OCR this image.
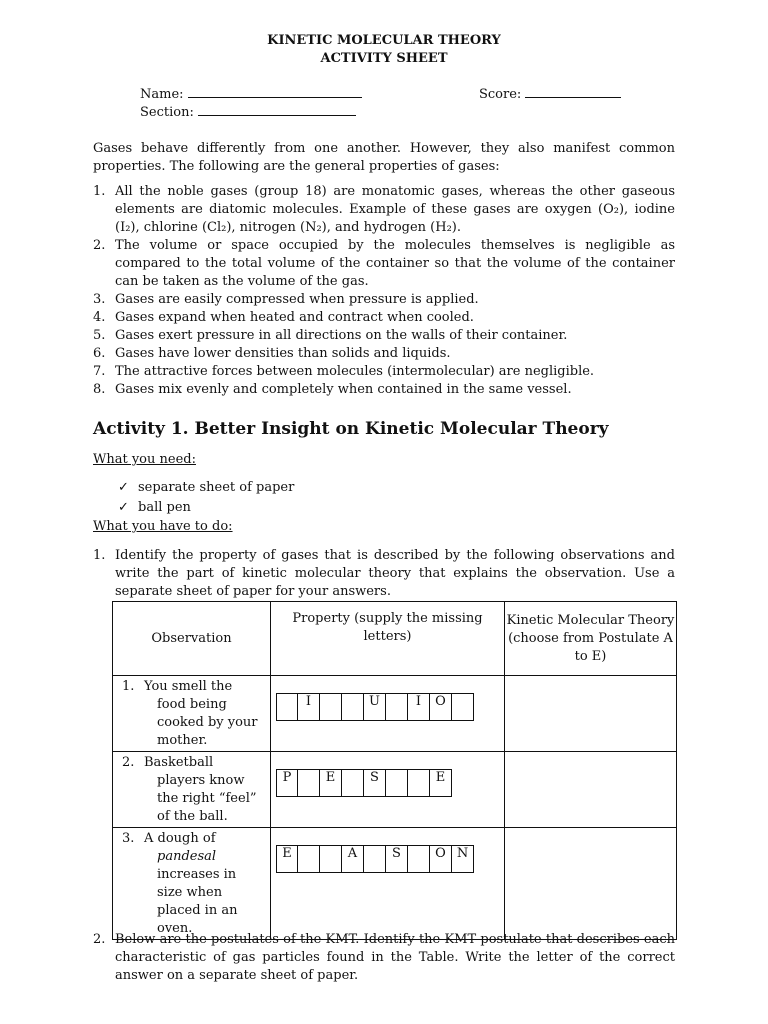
KINETIC MOLECULAR THEORY
ACTIVITY SHEET
Name:
Section:
Score:
Gases behave differently from one another. However, they also manifest common properties. The following are the general properties of gases:
1. All the noble gases (group 18) are monatomic gases, whereas the other gaseous elements are diatomic molecules. Example of these gases are oxygen (O₂), iodine (I₂), chlorine (Cl₂), nitrogen (N₂), and hydrogen (H₂).
2. The volume or space occupied by the molecules themselves is negligible as compared to the total volume of the container so that the volume of the container can be taken as the volume of the gas.
3. Gases are easily compressed when pressure is applied.
4. Gases expand when heated and contract when cooled.
5. Gases exert pressure in all directions on the walls of their container.
6. Gases have lower densities than solids and liquids.
7. The attractive forces between molecules (intermolecular) are negligible.
8. Gases mix evenly and completely when contained in the same vessel.
Activity 1. Better Insight on Kinetic Molecular Theory
What you need:
✓ separate sheet of paper
✓ ball pen
What you have to do:
1. Identify the property of gases that is described by the following observations and write the part of kinetic molecular theory that explains the observation. Use a separate sheet of paper for your answers.
Observation	Property (supply the missing letters)	Kinetic Molecular Theory (choose from Postulate A to E)

1. You smell the food being cooked by your mother.	I U I O	

2. Basketball players know the right “feel” of the ball.	P E S E	

3. A dough of pandesal increases in size when placed in an oven.	E A S O N	

2. Below are the postulates of the KMT. Identify the KMT postulate that describes each characteristic of gas particles found in the Table. Write the letter of the correct answer on a separate sheet of paper.
